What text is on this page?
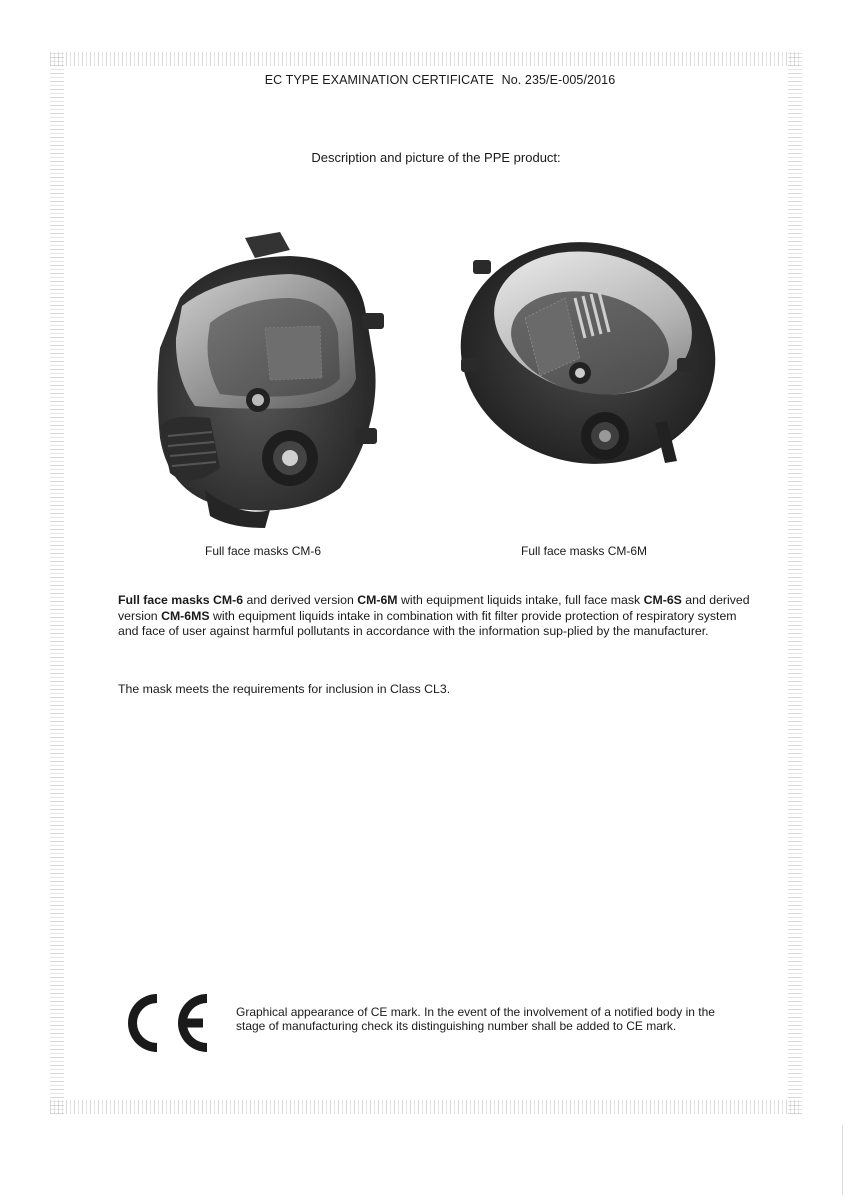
EC TYPE EXAMINATION CERTIFICATE No. 235/E-005/2016
Description and picture of the PPE product:
Full face masks CM-6	Full face masks CM-6M
Full face masks CM-6 and derived version CM-6M with equipment liquids intake, full face mask CM-6S and derived version CM-6MS with equipment liquids intake in combination with fit filter provide protection of respiratory system and face of user against harmful pollutants in accordance with the information sup-plied by the manufacturer.
The mask meets the requirements for inclusion in Class CL3.
Graphical appearance of CE mark. In the event of the involvement of a notified body in the stage of manufacturing check its distinguishing number shall be added to CE mark.
